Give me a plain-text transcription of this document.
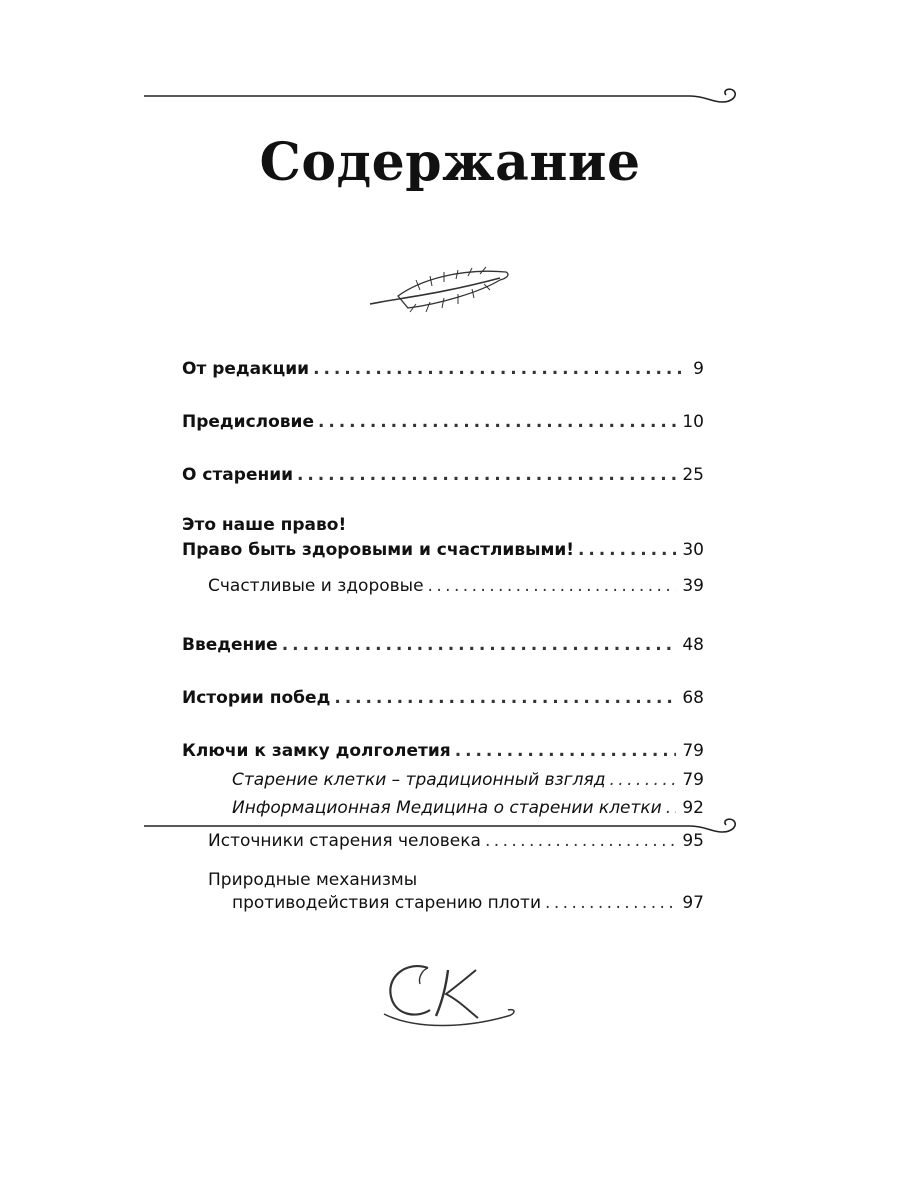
Содержание
От редакции . . .	9
Предисловие . . .	10
О старении . . .	25
Это наше право!
Право быть здоровыми и счастливыми! . . .	30
Счастливые и здоровые . . .	39
Введение . . .	48
Истории побед . . .	68
Ключи к замку долголетия . . .	79
Старение клетки – традиционный взгляд . . .	79
Информационная Медицина о старении клетки . . .	92
Источники старения человека . . .	95
Природные механизмы
противодействия старению плоти . . .	97
CK
